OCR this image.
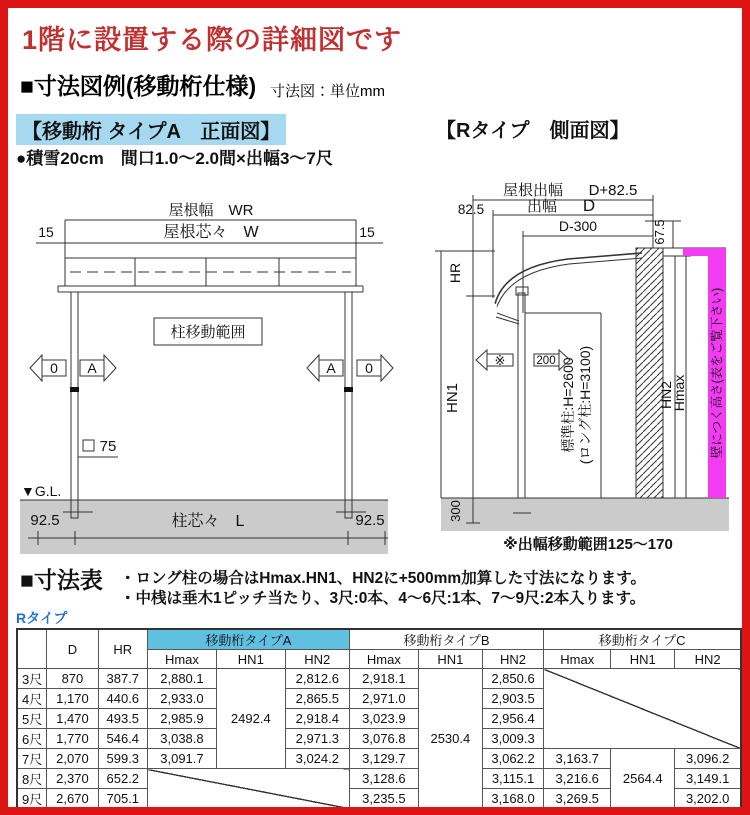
1階に設置する際の詳細図です
■寸法図例(移動桁仕様) 寸法図：単位mm
【移動桁 タイプA　正面図】	【Rタイプ　側面図】
●積雪20cm　間口1.0〜2.0間×出幅3〜7尺
屋根幅　WR
15	屋根芯々　W	15
柱移動範囲
0 A	A 0
75
▼G.L.
92.5	柱芯々　L	92.5
屋根出幅 D+82.5
82.5	出幅 D
D-300	67.5
HR
HN1
300
標準柱:H=2600 (ロング柱:H=3100)
※	200
HN2
Hmax 壁につく高さ(表をご覧下さい)
※出幅移動範囲125〜170
■寸法表 ・ロング柱の場合はHmax.HN1、HN2に+500mm加算した寸法になります。
・中桟は垂木1ピッチ当たり、3尺:0本、4〜6尺:1本、7〜9尺:2本入ります。
Rタイプ
	D	HR	移動桁タイプA			移動桁タイプB			移動桁タイプC		
			Hmax	HN1	HN2	Hmax	HN1	HN2	Hmax	HN1	HN2
3尺	870	387.7	2,880.1	2492.4	2,812.6	2,918.1	2530.4	2,850.6			
4尺	1,170	440.6	2,933.0		2,865.5	2,971.0		2,903.5			
5尺	1,470	493.5	2,985.9		2,918.4	3,023.9		2,956.4			
6尺	1,770	546.4	3,038.8		2,971.3	3,076.8		3,009.3			
7尺	2,070	599.3	3,091.7		3,024.2	3,129.7		3,062.2	3,163.7	2564.4	3,096.2
8尺	2,370	652.2				3,128.6		3,115.1	3,216.6		3,149.1
9尺	2,670	705.1				3,235.5		3,168.0	3,269.5		3,202.0
